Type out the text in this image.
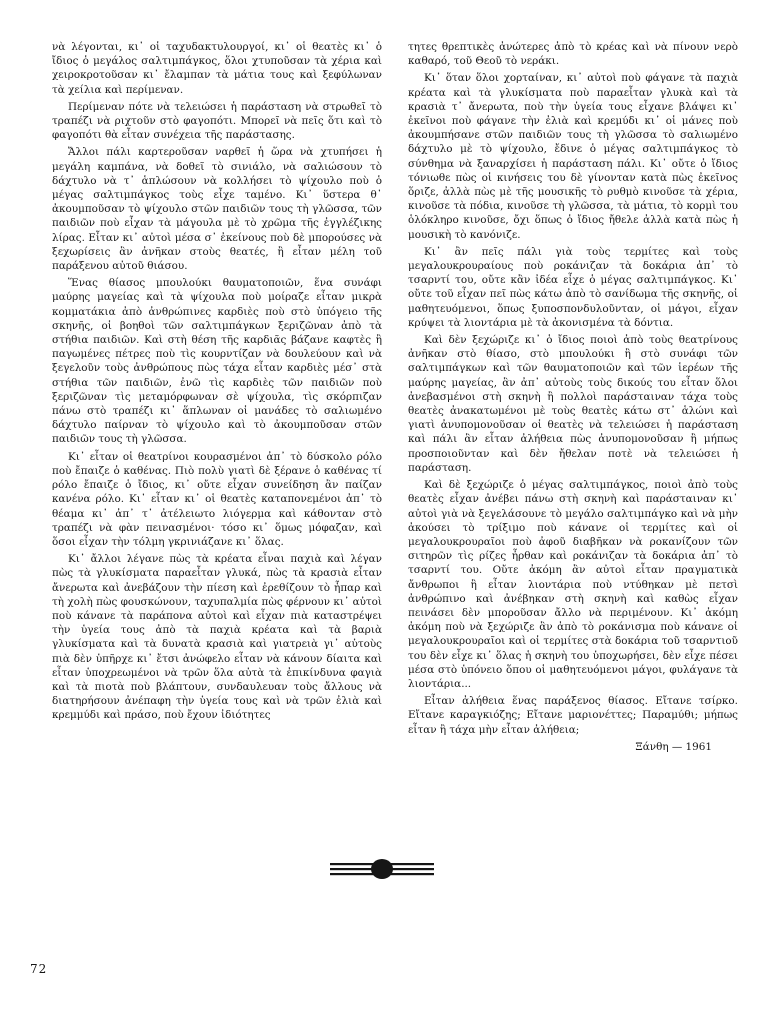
νὰ λέγονται, κι᾿ οἱ ταχυδακτυλουργοί, κι᾿ οἱ θεατὲς κι᾿ ὁ ἴδιος ὁ μεγάλος σαλτιμπάγκος, ὅλοι χτυποῦσαν τὰ χέρια καὶ χειροκροτοῦσαν κι᾿ ἔλαμπαν τὰ μάτια τους καὶ ξεφύλωναν τὰ χείλια καὶ περίμεναν.

Περίμεναν πότε νὰ τελειώσει ἡ παράσταση νὰ στρωθεῖ τὸ τραπέζι νὰ ριχτοῦν στὸ φαγοπότι. Μπορεῖ νὰ πεῖς ὅτι καὶ τὸ φαγοπότι θὰ εἶταν συνέχεια τῆς παράστασης.

Ἄλλοι πάλι καρτεροῦσαν ναρθεῖ ἡ ὥρα νὰ χτυπήσει ἡ μεγάλη καμπάνα, νὰ δοθεῖ τὸ σινιάλο, νὰ σαλιώσουν τὸ δάχτυλο νὰ τ᾿ ἁπλώσουν νὰ κολλήσει τὸ ψίχουλο ποὺ ὁ μέγας σαλτιμπάγκος τοὺς εἶχε ταμένο. Κι᾿ ὕστερα θ᾿ ἀκουμποῦσαν τὸ ψίχουλο στῶν παιδιῶν τους τὴ γλῶσσα, τῶν παιδιῶν ποὺ εἶχαν τὰ μάγουλα μὲ τὸ χρῶμα τῆς ἐγγλέζικης λίρας. Εἶταν κι᾿ αὐτοὶ μέσα σ᾿ ἐκείνους ποὺ δὲ μπορούσες νὰ ξεχωρίσεις ἂν ἀνῆκαν στοὺς θεατές, ἢ εἶταν μέλη τοῦ παράξενου αὐτοῦ θιάσου.

Ἕνας θίασος μπουλούκι θαυματοποιῶν, ἕνα συνάφι μαύρης μαγείας καὶ τὰ ψίχουλα ποὺ μοίραζε εἶταν μικρὰ κομματάκια ἀπὸ ἀνθρώπινες καρδιὲς ποὺ στὸ ὑπόγειο τῆς σκηνῆς, οἱ βοηθοὶ τῶν σαλτιμπάγκων ξεριζῶναν ἀπὸ τὰ στήθια παιδιῶν. Καὶ στὴ θέση τῆς καρδιᾶς βάζανε καφτὲς ἢ παγωμένες πέτρες ποὺ τὶς κουρντίζαν νὰ δουλεύουν καὶ νὰ ξεγελοῦν τοὺς ἀνθρώπους πὼς τάχα εἶταν καρδιὲς μέσ᾿ στὰ στήθια τῶν παιδιῶν, ἐνῶ τὶς καρδιὲς τῶν παιδιῶν ποὺ ξεριζῶναν τὶς μεταμόρφωναν σὲ ψίχουλα, τὶς σκόρπιζαν πάνω στὸ τραπέζι κι᾿ ἅπλωναν οἱ μανάδες τὸ σαλιωμένο δάχτυλο παίρναν τὸ ψίχουλο καὶ τὸ ἀκουμποῦσαν στῶν παιδιῶν τους τὴ γλῶσσα.

Κι᾿ εἶταν οἱ θεατρίνοι κουρασμένοι ἀπ᾿ τὸ δύσκολο ρόλο ποὺ ἔπαιζε ὁ καθένας. Πιὸ πολὺ γιατὶ δὲ ξέρανε ὁ καθένας τί ρόλο ἔπαιζε ὁ ἴδιος, κι᾿ οὔτε εἶχαν συνείδηση ἂν παίζαν κανένα ρόλο. Κι᾿ εἶταν κι᾿ οἱ θεατὲς καταπονεμένοι ἀπ᾿ τὸ θέαμα κι᾿ ἀπ᾿ τ᾿ ἀτέλειωτο λιόγερμα καὶ κάθονταν στὸ τραπέζι νὰ φὰν πεινασμένοι· τόσο κι᾿ ὅμως μόφαζαν, καὶ ὅσοι εἶχαν τὴν τόλμη γκρινιάζανε κι᾿ ὅλας.

Κι᾿ ἄλλοι λέγανε πὼς τὰ κρέατα εἶναι παχιὰ καὶ λέγαν πὼς τὰ γλυκίσματα παραεἶταν γλυκά, πὼς τὰ κρασιὰ εἶταν ἄνερωτα καὶ ἀνεβάζουν τὴν πίεση καὶ ἐρεθίζουν τὸ ἧπαρ καὶ τὴ χολὴ πὼς φουσκώνουν, ταχυπαλμία πὼς φέρνουν κι᾿ αὐτοὶ ποὺ κάνανε τὰ παράπονα αὐτοὶ καὶ εἶχαν πιὰ καταστρέψει τὴν ὑγεία τους ἀπὸ τὰ παχιὰ κρέατα καὶ τὰ βαριὰ γλυκίσματα καὶ τὰ δυνατὰ κρασιὰ καὶ γιατρειὰ γι᾿ αὐτοὺς πιὰ δὲν ὑπῆρχε κι᾿ ἔτσι ἀνώφελο εἶταν νὰ κάνουν δίαιτα καὶ εἶταν ὑποχρεωμένοι νὰ τρῶν ὅλα αὐτὰ τὰ ἐπικίνδυνα φαγιὰ καὶ τὰ πιοτὰ ποὺ βλάπτουν, συνδαυλευαν τοὺς ἄλλους νὰ διατηρήσουν ἀνέπαφη τὴν ὑγεία τους καὶ νὰ τρῶν ἐλιὰ καὶ κρεμμύδι καὶ πράσο, ποὺ ἔχουν ἰδιότητες

τητες θρεπτικὲς ἀνώτερες ἀπὸ τὸ κρέας καὶ νὰ πίνουν νερὸ καθαρό, τοῦ Θεοῦ τὸ νεράκι.

Κι᾿ ὅταν ὅλοι χορταίναν, κι᾿ αὐτοὶ ποὺ φάγανε τὰ παχιὰ κρέατα καὶ τὰ γλυκίσματα ποὺ παραεἶταν γλυκὰ καὶ τὰ κρασιὰ τ᾿ ἄνερωτα, ποὺ τὴν ὑγεία τους εἶχανε βλάψει κι᾿ ἐκεῖνοι ποὺ φάγανε τὴν ἐλιὰ καὶ κρεμύδι κι᾿ οἱ μάνες ποὺ ἀκουμπήσανε στῶν παιδιῶν τους τὴ γλῶσσα τὸ σαλιωμένο δάχτυλο μὲ τὸ ψίχουλο, ἔδινε ὁ μέγας σαλτιμπάγκος τὸ σύνθημα νὰ ξαναρχίσει ἡ παράσταση πάλι. Κι᾿ οὔτε ὁ ἴδιος τόνιωθε πὼς οἱ κινήσεις του δὲ γίνονταν κατὰ πὼς ἐκεῖνος ὅριζε, ἀλλὰ πὼς μὲ τῆς μουσικῆς τὸ ρυθμὸ κινοῦσε τὰ χέρια, κινοῦσε τὰ πόδια, κινοῦσε τὴ γλῶσσα, τὰ μάτια, τὸ κορμὶ του ὁλόκληρο κινοῦσε, ὄχι ὅπως ὁ ἴδιος ἤθελε ἀλλὰ κατὰ πὼς ἡ μουσικὴ τὸ κανόνιζε.

Κι᾿ ἂν πεῖς πάλι γιὰ τοὺς τερμίτες καὶ τοὺς μεγαλουκρουραίους ποὺ ροκάνιζαν τὰ δοκάρια ἀπ᾿ τὸ τσαρντί του, οὔτε κἂν ἰδέα εἶχε ὁ μέγας σαλτιμπάγκος. Κι᾿ οὔτε τοῦ εἶχαν πεῖ πὼς κάτω ἀπὸ τὸ σανίδωμα τῆς σκηνῆς, οἱ μαθητευόμενοι, ὅπως ξυποσπονδυλοῦνταν, οἱ μάγοι, εἶχαν κρύψει τὰ λιοντάρια μὲ τὰ ἀκονισμένα τὰ δόντια.

Καὶ δὲν ξεχώριζε κι᾿ ὁ ἴδιος ποιοὶ ἀπὸ τοὺς θεατρίνους ἀνῆκαν στὸ θίασο, στὸ μπουλούκι ἢ στὸ συνάφι τῶν σαλτιμπάγκων καὶ τῶν θαυματοποιῶν καὶ τῶν ἱερέων τῆς μαύρης μαγείας, ἂν ἀπ᾿ αὐτοὺς τοὺς δικούς του εἶταν ὅλοι ἀνεβασμένοι στὴ σκηνὴ ἢ πολλοὶ παράσταιναν τάχα τοὺς θεατὲς ἀνακατωμένοι μὲ τοὺς θεατὲς κάτω στ᾿ ἁλώνι καὶ γιατὶ ἀνυπομονοῦσαν οἱ θεατὲς νὰ τελειώσει ἡ παράσταση καὶ πάλι ἂν εἶταν ἀλήθεια πὼς ἀνυπομονοῦσαν ἢ μήπως προσποιοῦνταν καὶ δὲν ἤθελαν ποτὲ νὰ τελειώσει ἡ παράσταση.

Καὶ δὲ ξεχώριζε ὁ μέγας σαλτιμπάγκος, ποιοὶ ἀπὸ τοὺς θεατὲς εἶχαν ἀνέβει πάνω στὴ σκηνὴ καὶ παράσταιναν κι᾿ αὐτοὶ γιὰ νὰ ξεγελάσουνε τὸ μεγάλο σαλτιμπάγκο καὶ νὰ μὴν ἀκούσει τὸ τρίξιμο ποὺ κάνανε οἱ τερμίτες καὶ οἱ μεγαλουκρουραῖοι ποὺ ἀφοῦ διαβῆκαν νὰ ροκανίζουν τῶν σιτηρῶν τὶς ρίζες ἦρθαν καὶ ροκάνιζαν τὰ δοκάρια ἀπ᾿ τὸ τσαρντί του. Οὔτε ἀκόμη ἂν αὐτοὶ εἶταν πραγματικὰ ἄνθρωποι ἢ εἶταν λιοντάρια ποὺ ντύθηκαν μὲ πετσὶ ἀνθρώπινο καὶ ἀνέβηκαν στὴ σκηνὴ καὶ καθὼς εἶχαν πεινάσει δὲν μποροῦσαν ἄλλο νὰ περιμένουν. Κι᾿ ἀκόμη ἀκόμη ποὺ νὰ ξεχώριζε ἂν ἀπὸ τὸ ροκάνισμα ποὺ κάνανε οἱ μεγαλουκρουραῖοι καὶ οἱ τερμίτες στὰ δοκάρια τοῦ τσαρντιοῦ του δὲν εἶχε κι᾿ ὅλας ἡ σκηνὴ του ὑποχωρήσει, δὲν εἶχε πέσει μέσα στὸ ὑπόνειο ὅπου οἱ μαθητευόμενοι μάγοι, φυλάγανε τὰ λιοντάρια...

Εἶταν ἀλήθεια ἕνας παράξενος θίασος. Εἴτανε τσίρκο. Εἴτανε καραγκιόζης; Εἴτανε μαριονέττες; Παραμύθι; μήπως εἶταν ἢ τάχα μὴν εἶταν ἀλήθεια;

Ξάνθη — 1961
72
